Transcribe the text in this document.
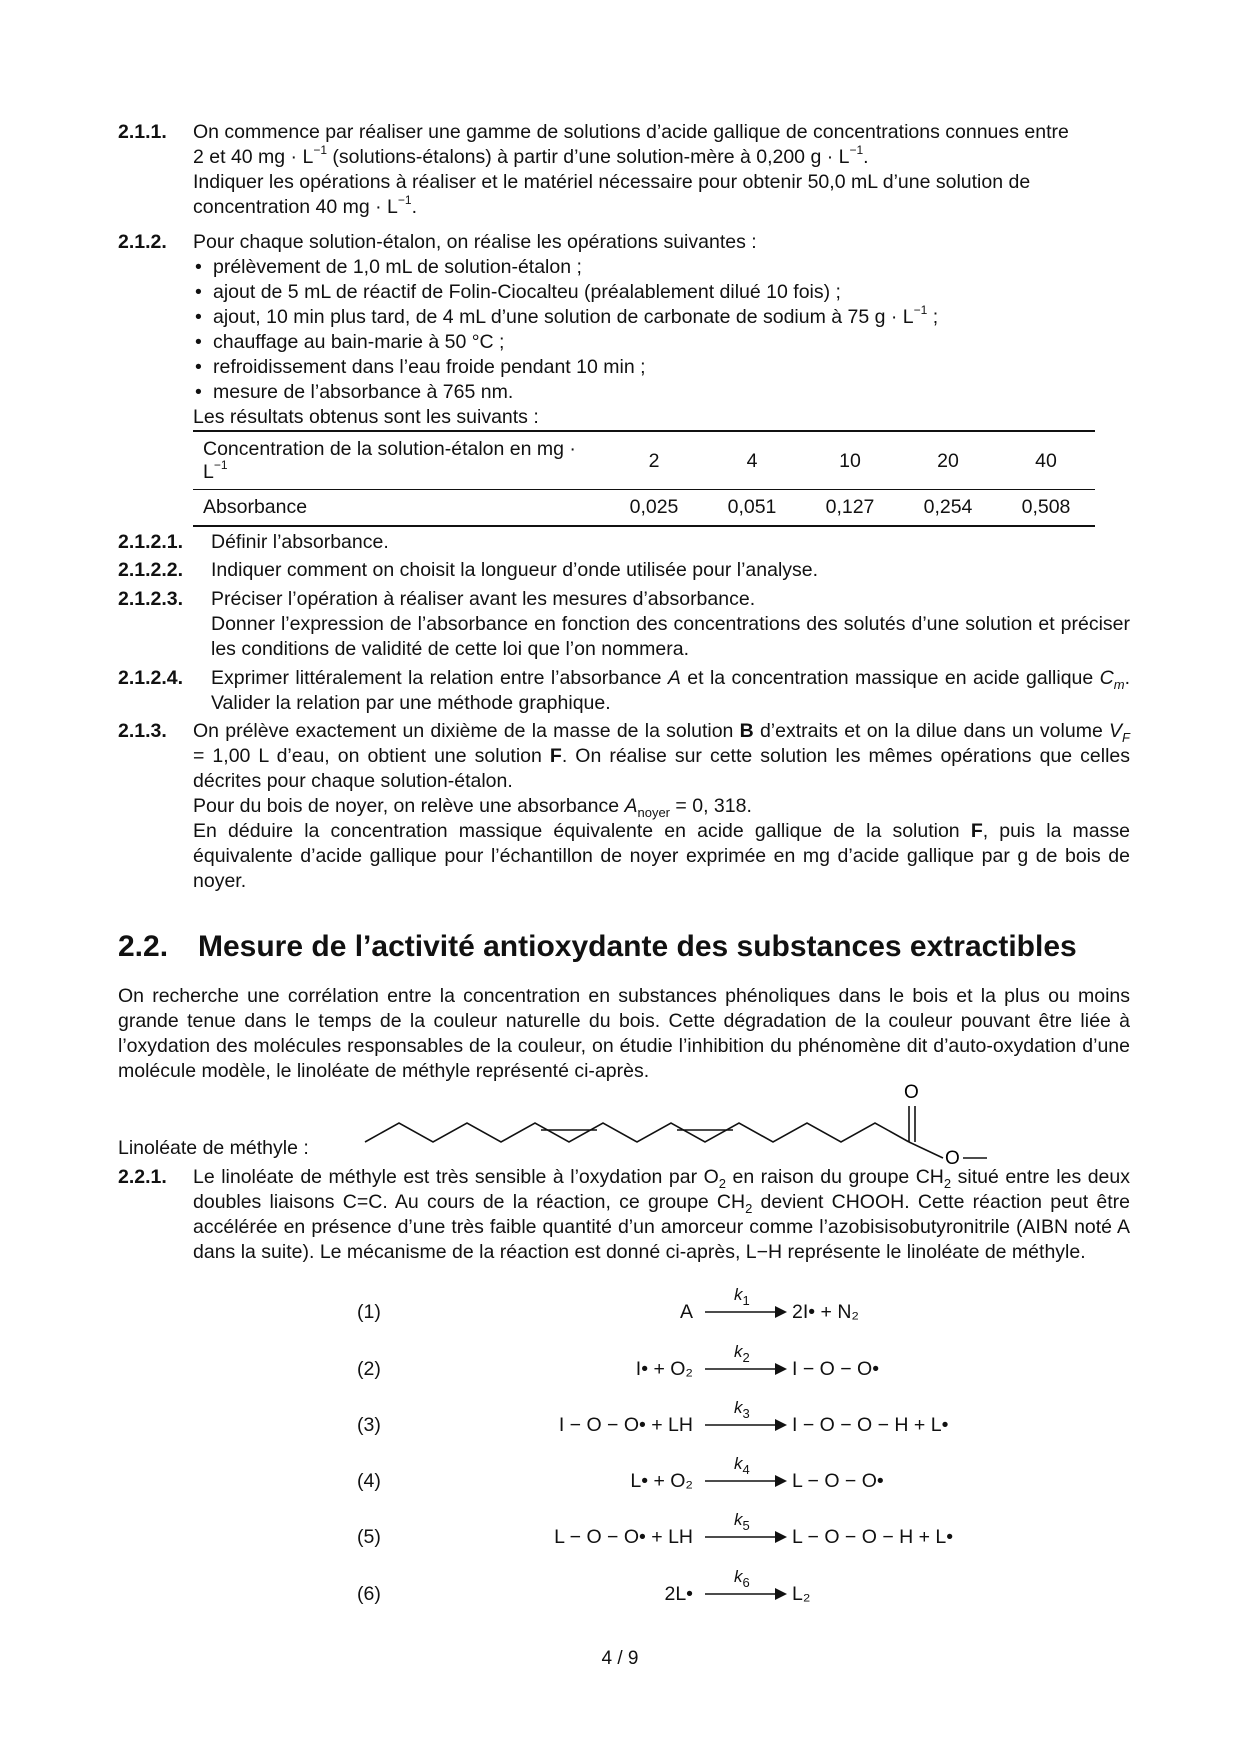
2.1.1. On commence par réaliser une gamme de solutions d’acide gallique de concentrations connues entre
2 et 40 mg · $L^{-1}$ (solutions-étalons) à partir d’une solution-mère à 0,200 $g \cdot L^{-1}$.
Indiquer les opérations à réaliser et le matériel nécessaire pour obtenir 50,0 mL d’une solution de
concentration 40 mg · $L^{-1}$.
2.1.2. Pour chaque solution-étalon, on réalise les opérations suivantes :
• prélèvement de 1,0 mL de solution-étalon ;
• ajout de 5 mL de réactif de Folin-Ciocalteu (préalablement dilué 10 fois) ;
• ajout, 10 min plus tard, de 4 mL d’une solution de carbonate de sodium à 75 $g \cdot L^{-1}$ ;
• chauffage au bain-marie à 50 °C ;
• refroidissement dans l’eau froide pendant 10 min ;
• mesure de l’absorbance à 765 nm.
Les résultats obtenus sont les suivants :
Concentration de la solution-étalon en mg · $L^{-1}$	2	4	10	20	40
Absorbance	0,025	0,051	0,127	0,254	0,508
2.1.2.1. Définir l’absorbance.
2.1.2.2. Indiquer comment on choisit la longueur d’onde utilisée pour l’analyse.
2.1.2.3. Préciser l’opération à réaliser avant les mesures d’absorbance.
Donner l’expression de l’absorbance en fonction des concentrations des solutés d’une solution et préciser les conditions de validité de cette loi que l’on nommera.
2.1.2.4. Exprimer littéralement la relation entre l’absorbance A et la concentration massique en acide gallique $C_m$. Valider la relation par une méthode graphique.
2.1.3. On prélève exactement un dixième de la masse de la solution B d’extraits et on la dilue dans un volume $V_F = 1,00$ L d’eau, on obtient une solution F. On réalise sur cette solution les mêmes opérations que celles décrites pour chaque solution-étalon.
Pour du bois de noyer, on relève une absorbance $A_{noyer} = 0$, 318.
En déduire la concentration massique équivalente en acide gallique de la solution F, puis la masse équivalente d’acide gallique pour l’échantillon de noyer exprimée en mg d’acide gallique par g de bois de noyer.
2.2. Mesure de l’activité antioxydante des substances extractibles
On recherche une corrélation entre la concentration en substances phénoliques dans le bois et la plus ou moins grande tenue dans le temps de la couleur naturelle du bois. Cette dégradation de la couleur pouvant être liée à l’oxydation des molécules responsables de la couleur, on étudie l’inhibition du phénomène dit d’auto-oxydation d’une molécule modèle, le linoléate de méthyle représenté ci-après.
Linoléate de méthyle :
O
O
2.2.1. Le linoléate de méthyle est très sensible à l’oxydation par $O_2$ en raison du groupe $CH_2$ situé entre les deux doubles liaisons C=C. Au cours de la réaction, ce groupe $CH_2$ devient CHOOH. Cette réaction peut être accélérée en présence d’une très faible quantité d’un amorceur comme l’azobisisobutyronitrile (AIBN noté A dans la suite). Le mécanisme de la réaction est donné ci-après, L−H représente le linoléate de méthyle.
(1)	A
$k_1$
2I• + N₂
(2)	I• + O₂
$k_2$
I − O − O•
(3)	I − O − O• + LH
$k_3$
I − O − O − H + L•
(4)	L• + O₂
$k_4$
L − O − O•
(5)	L − O − O• + LH
$k_5$
L − O − O − H + L•
(6)	2L•
$k_6$
L₂
4 / 9
